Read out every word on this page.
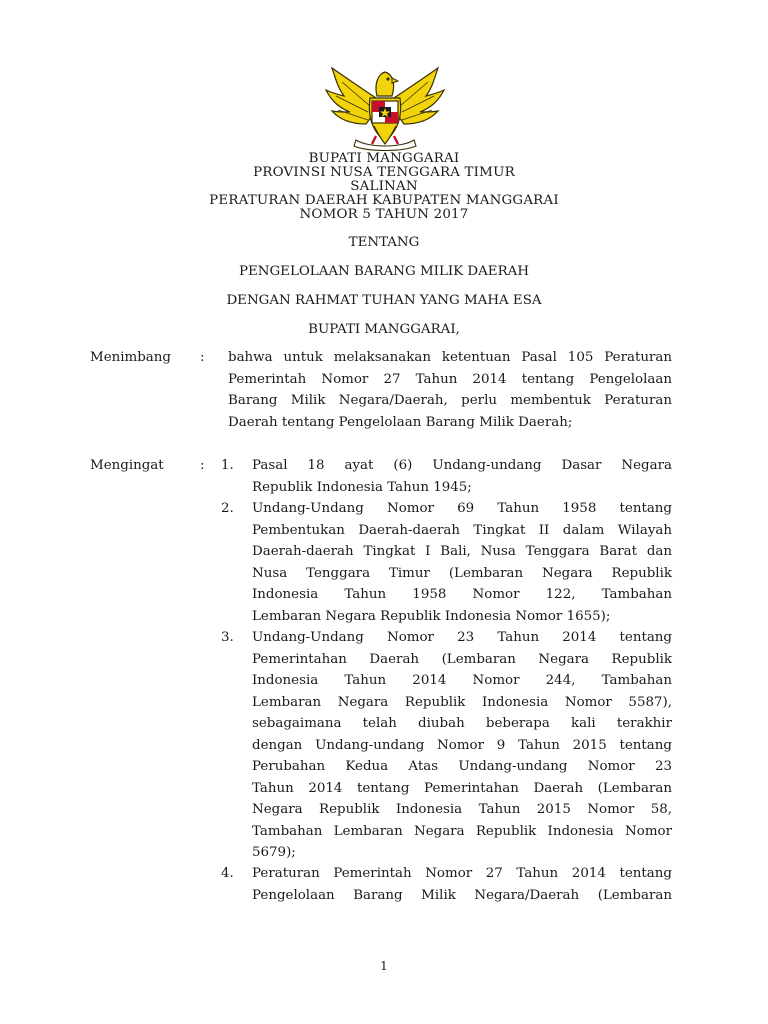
BUPATI MANGGARAI
PROVINSI NUSA TENGGARA TIMUR
SALINAN
PERATURAN DAERAH KABUPATEN MANGGARAI
NOMOR 5 TAHUN 2017
TENTANG
PENGELOLAAN BARANG MILIK DAERAH
DENGAN RAHMAT TUHAN YANG MAHA ESA
BUPATI MANGGARAI,
Menimbang	:	bahwa untuk melaksanakan ketentuan Pasal 105 Peraturan
Pemerintah Nomor 27 Tahun 2014 tentang Pengelolaan
Barang Milik Negara/Daerah, perlu membentuk Peraturan
Daerah tentang Pengelolaan Barang Milik Daerah;
Mengingat	:	1.	Pasal 18 ayat (6) Undang-undang Dasar Negara
Republik Indonesia Tahun 1945;
2.	Undang-Undang Nomor 69 Tahun 1958 tentang
Pembentukan Daerah-daerah Tingkat II dalam Wilayah
Daerah-daerah Tingkat I Bali, Nusa Tenggara Barat dan
Nusa Tenggara Timur (Lembaran Negara Republik
Indonesia Tahun 1958 Nomor 122, Tambahan
Lembaran Negara Republik Indonesia Nomor 1655);
3.	Undang-Undang Nomor 23 Tahun 2014 tentang
Pemerintahan Daerah (Lembaran Negara Republik
Indonesia Tahun 2014 Nomor 244, Tambahan
Lembaran Negara Republik Indonesia Nomor 5587),
sebagaimana telah diubah beberapa kali terakhir
dengan Undang-undang Nomor 9 Tahun 2015 tentang
Perubahan Kedua Atas Undang-undang Nomor 23
Tahun 2014 tentang Pemerintahan Daerah (Lembaran
Negara Republik Indonesia Tahun 2015 Nomor 58,
Tambahan Lembaran Negara Republik Indonesia Nomor
5679);
4.	Peraturan Pemerintah Nomor 27 Tahun 2014 tentang
Pengelolaan Barang Milik Negara/Daerah (Lembaran
1
